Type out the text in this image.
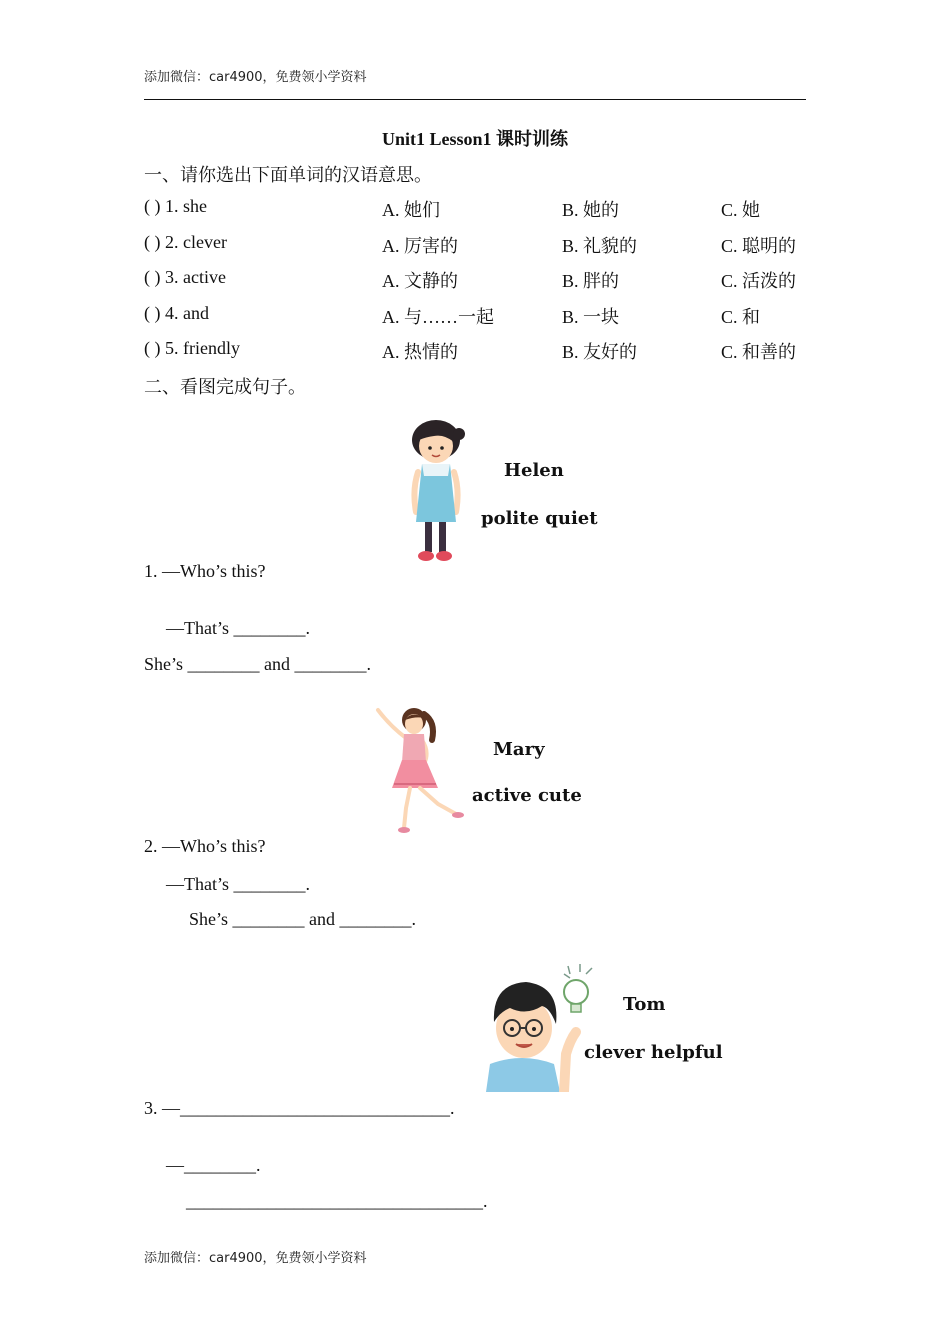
添加微信：car4900，免费领小学资料
Unit1 Lesson1 课时训练
一、请你选出下面单词的汉语意思。
( ) 1. she	A. 她们	B. 她的	C. 她
( ) 2. clever	A. 厉害的	B. 礼貌的	C. 聪明的
( ) 3. active	A. 文静的	B. 胖的	C. 活泼的
( ) 4. and	A. 与……一起	B. 一块	C. 和
( ) 5. friendly	A. 热情的	B. 友好的	C. 和善的
二、看图完成句子。
Helen
polite quiet
1. —Who’s this?
—That’s ________.
She’s ________ and ________.
Mary
active cute
2. —Who’s this?
—That’s ________.
She’s ________ and ________.
Tom
clever helpful
3. —______________________________.
—________.
_________________________________.
添加微信：car4900，免费领小学资料
